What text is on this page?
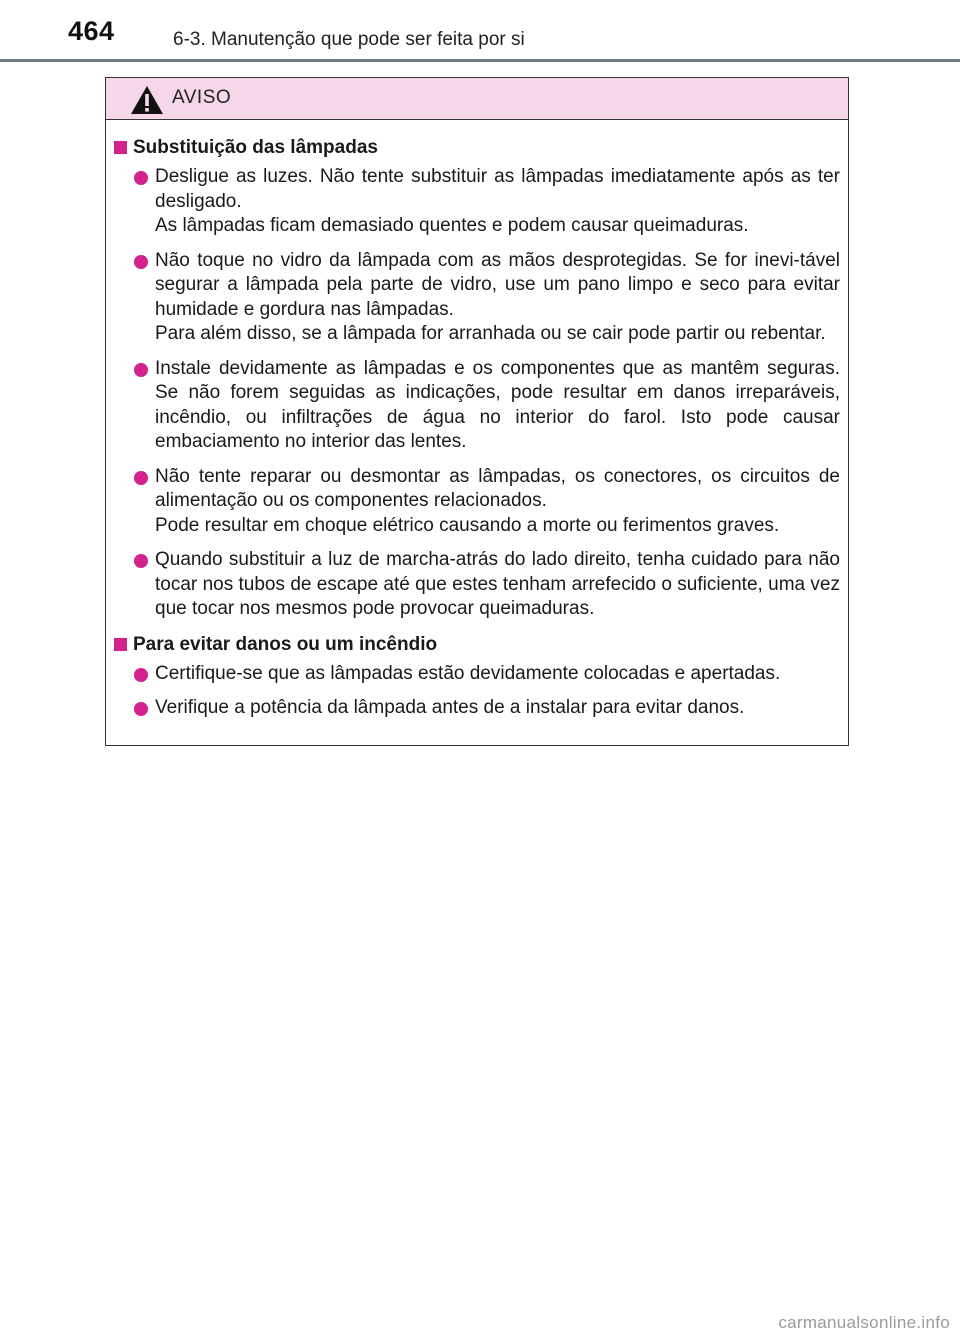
464	6-3. Manutenção que pode ser feita por si
AVISO
Substituição das lâmpadas

Desligue as luzes. Não tente substituir as lâmpadas imediatamente após as ter desligado.

As lâmpadas ficam demasiado quentes e podem causar queimaduras.

Não toque no vidro da lâmpada com as mãos desprotegidas. Se for inevi-tável segurar a lâmpada pela parte de vidro, use um pano limpo e seco para evitar humidade e gordura nas lâmpadas.

Para além disso, se a lâmpada for arranhada ou se cair pode partir ou rebentar.

Instale devidamente as lâmpadas e os componentes que as mantêm seguras. Se não forem seguidas as indicações, pode resultar em danos irreparáveis, incêndio, ou infiltrações de água no interior do farol. Isto pode causar embaciamento no interior das lentes.

Não tente reparar ou desmontar as lâmpadas, os conectores, os circuitos de alimentação ou os componentes relacionados.

Pode resultar em choque elétrico causando a morte ou ferimentos graves.

Quando substituir a luz de marcha-atrás do lado direito, tenha cuidado para não tocar nos tubos de escape até que estes tenham arrefecido o suficiente, uma vez que tocar nos mesmos pode provocar queimaduras.

Para evitar danos ou um incêndio

Certifique-se que as lâmpadas estão devidamente colocadas e apertadas.

Verifique a potência da lâmpada antes de a instalar para evitar danos.

carmanualsonline.info
